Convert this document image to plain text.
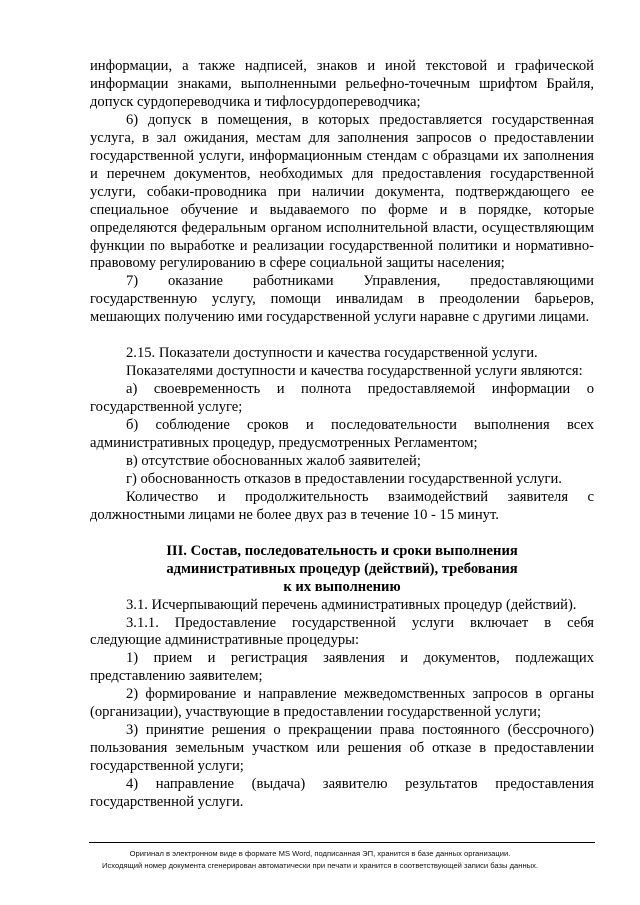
информации, а также надписей, знаков и иной текстовой и графической информации знаками, выполненными рельефно-точечным шрифтом Брайля, допуск сурдопереводчика и тифлосурдопереводчика;

6) допуск в помещения, в которых предоставляется государственная услуга, в зал ожидания, местам для заполнения запросов о предоставлении государственной услуги, информационным стендам с образцами их заполнения и перечнем документов, необходимых для предоставления государственной услуги, собаки-проводника при наличии документа, подтверждающего ее специальное обучение и выдаваемого по форме и в порядке, которые определяются федеральным органом исполнительной власти, осуществляющим функции по выработке и реализации государственной политики и нормативно-правовому регулированию в сфере социальной защиты населения;

7) оказание работниками Управления, предоставляющими государственную услугу, помощи инвалидам в преодолении барьеров, мешающих получению ими государственной услуги наравне с другими лицами.

2.15. Показатели доступности и качества государственной услуги.

Показателями доступности и качества государственной услуги являются:

а) своевременность и полнота предоставляемой информации о государственной услуге;

б) соблюдение сроков и последовательности выполнения всех административных процедур, предусмотренных Регламентом;

в) отсутствие обоснованных жалоб заявителей;

г) обоснованность отказов в предоставлении государственной услуги.

Количество и продолжительность взаимодействий заявителя с должностными лицами не более двух раз в течение 10 - 15 минут.

III. Состав, последовательность и сроки выполнения

административных процедур (действий), требования

к их выполнению

3.1. Исчерпывающий перечень административных процедур (действий).

3.1.1. Предоставление государственной услуги включает в себя следующие административные процедуры:

1) прием и регистрация заявления и документов, подлежащих представлению заявителем;

2) формирование и направление межведомственных запросов в органы (организации), участвующие в предоставлении государственной услуги;

3) принятие решения о прекращении права постоянного (бессрочного) пользования земельным участком или решения об отказе в предоставлении государственной услуги;

4) направление (выдача) заявителю результатов предоставления государственной услуги.

Оригинал в электронном виде в формате MS Word, подписанная ЭП, хранится в базе данных организации.
Исходящий номер документа сгенерирован автоматически при печати и хранится в соответствующей записи базы данных.
